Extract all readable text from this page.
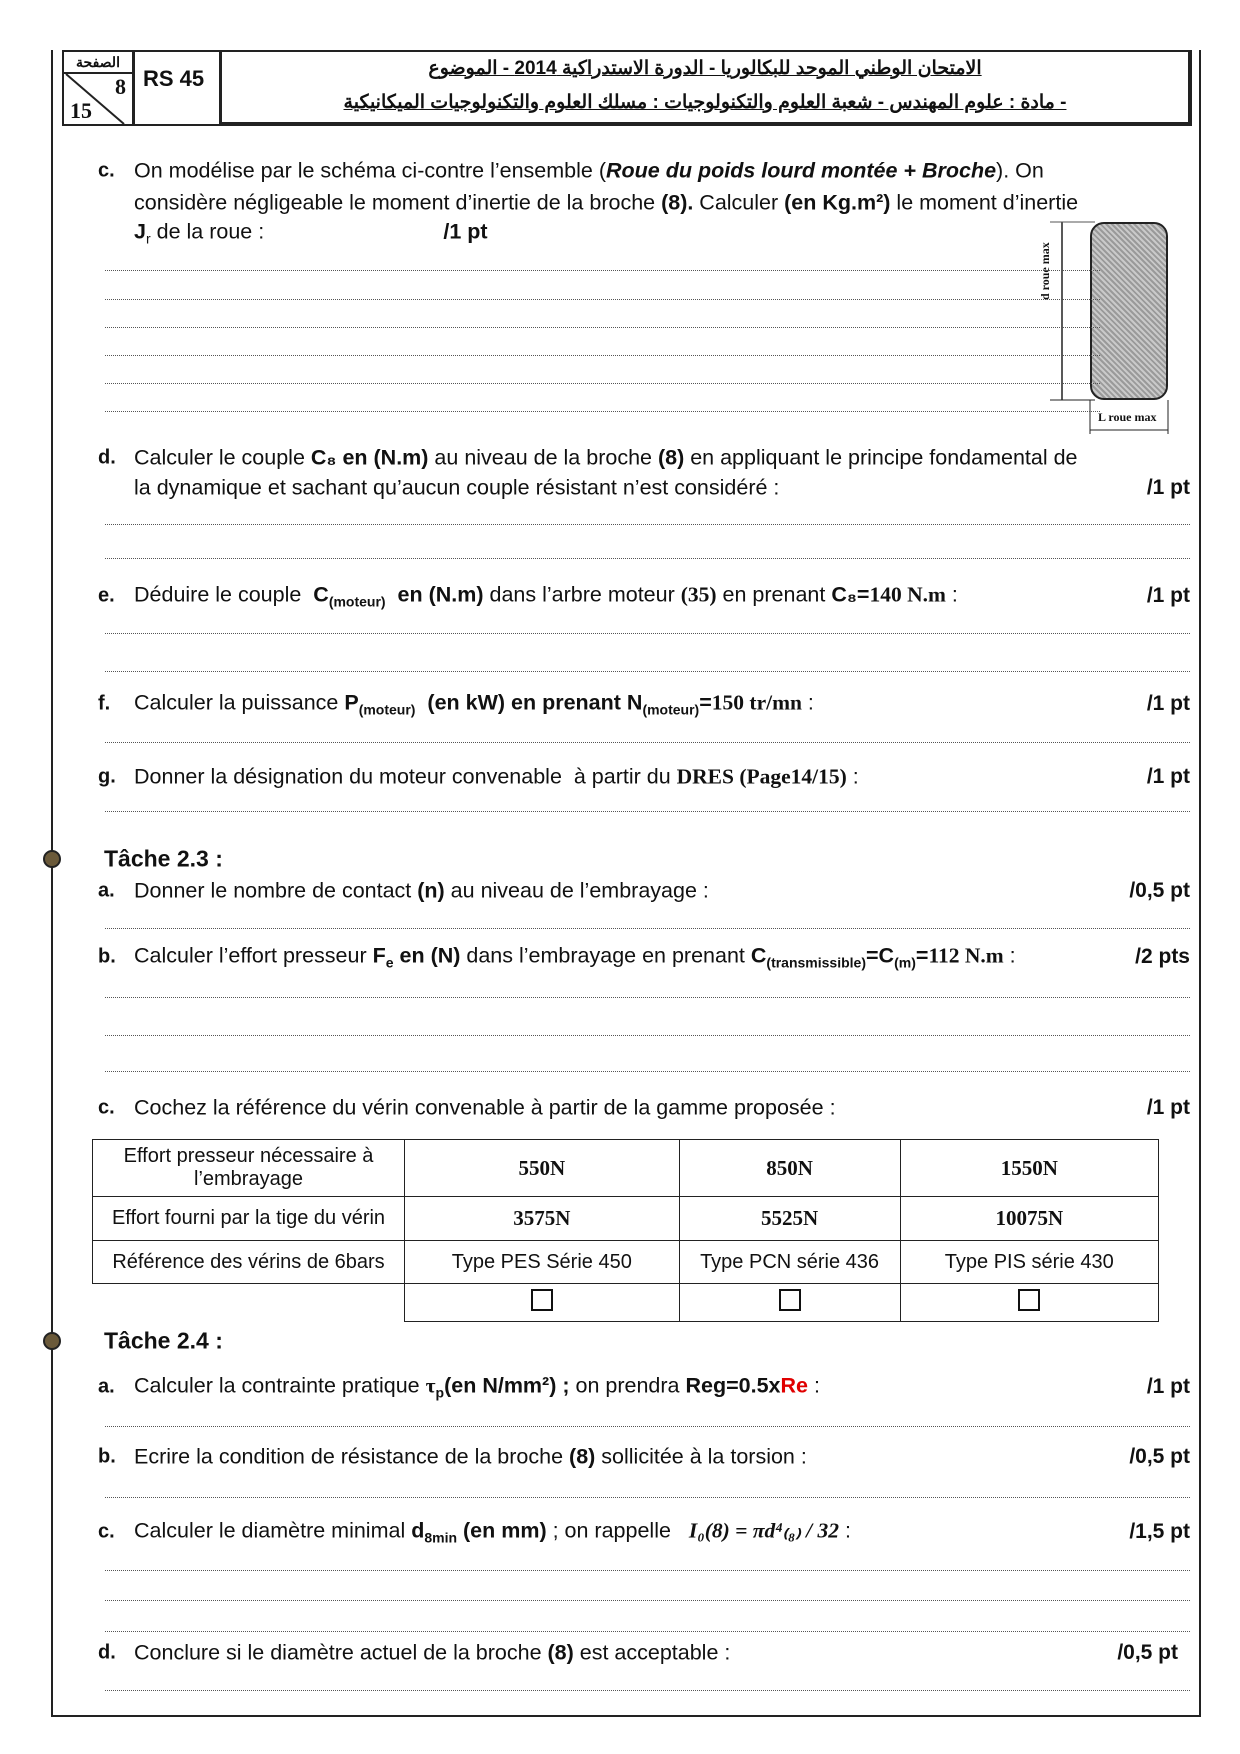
الصفحة
8
15
RS 45	الامتحان الوطني الموحد للبكالوريا - الدورة الاستدراكية 2014 - الموضوع
- مادة : علوم المهندس - شعبة العلوم والتكنولوجيات : مسلك العلوم والتكنولوجيات الميكانيكية
d roue max
L roue max
Tâche 2.3 :
Tâche 2.4 :
c. On modélise par le schéma ci-contre l’ensemble (Roue du poids lourd montée + Broche). On
considère négligeable le moment d’inertie de la broche (8). Calculer (en Kg.m²) le moment d’inertie
$J_r$ de la roue :                              /1 pt
d. Calculer le couple C₈ en (N.m) au niveau de la broche (8) en appliquant le principe fondamental de
la dynamique et sachant qu’aucun couple résistant n’est considéré :	/1 pt
e. Déduire le couple  $C_{(moteur)}$  en (N.m) dans l’arbre moteur (35) en prenant C₈=140 N.m :	/1 pt
f. Calculer la puissance $P_{(moteur)}$  (en kW) en prenant $N_{(moteur)}=150$ tr/mn :	/1 pt
g. Donner la désignation du moteur convenable  à partir du DRES (Page14/15) :	/1 pt
a. Donner le nombre de contact (n) au niveau de l’embrayage :	/0,5 pt
b. Calculer l’effort presseur $F_e$ en (N) dans l’embrayage en prenant $C_{(transmissible)}=C_{(m)}=112$ N.m :	/2 pts
c. Cochez la référence du vérin convenable à partir de la gamme proposée :	/1 pt
a. Calculer la contrainte pratique $\tau_p(en$ N/mm²) ; on prendra Reg=0.5xRe :	/1 pt
b. Ecrire la condition de résistance de la broche (8) sollicitée à la torsion :	/0,5 pt
c. Calculer le diamètre minimal $d_{8min}$ (en mm) ; on rappelle   I₀(8) = πd⁴₍₈₎ / 32 :	/1,5 pt
d. Conclure si le diamètre actuel de la broche (8) est acceptable :	/0,5 pt
Effort presseur nécessaire à l’embrayage	550N	850N	1550N
Effort fourni par la tige du vérin	3575N	5525N	10075N
Référence des vérins de 6bars	Type PES Série 450	Type PCN série 436	Type PIS série 430
